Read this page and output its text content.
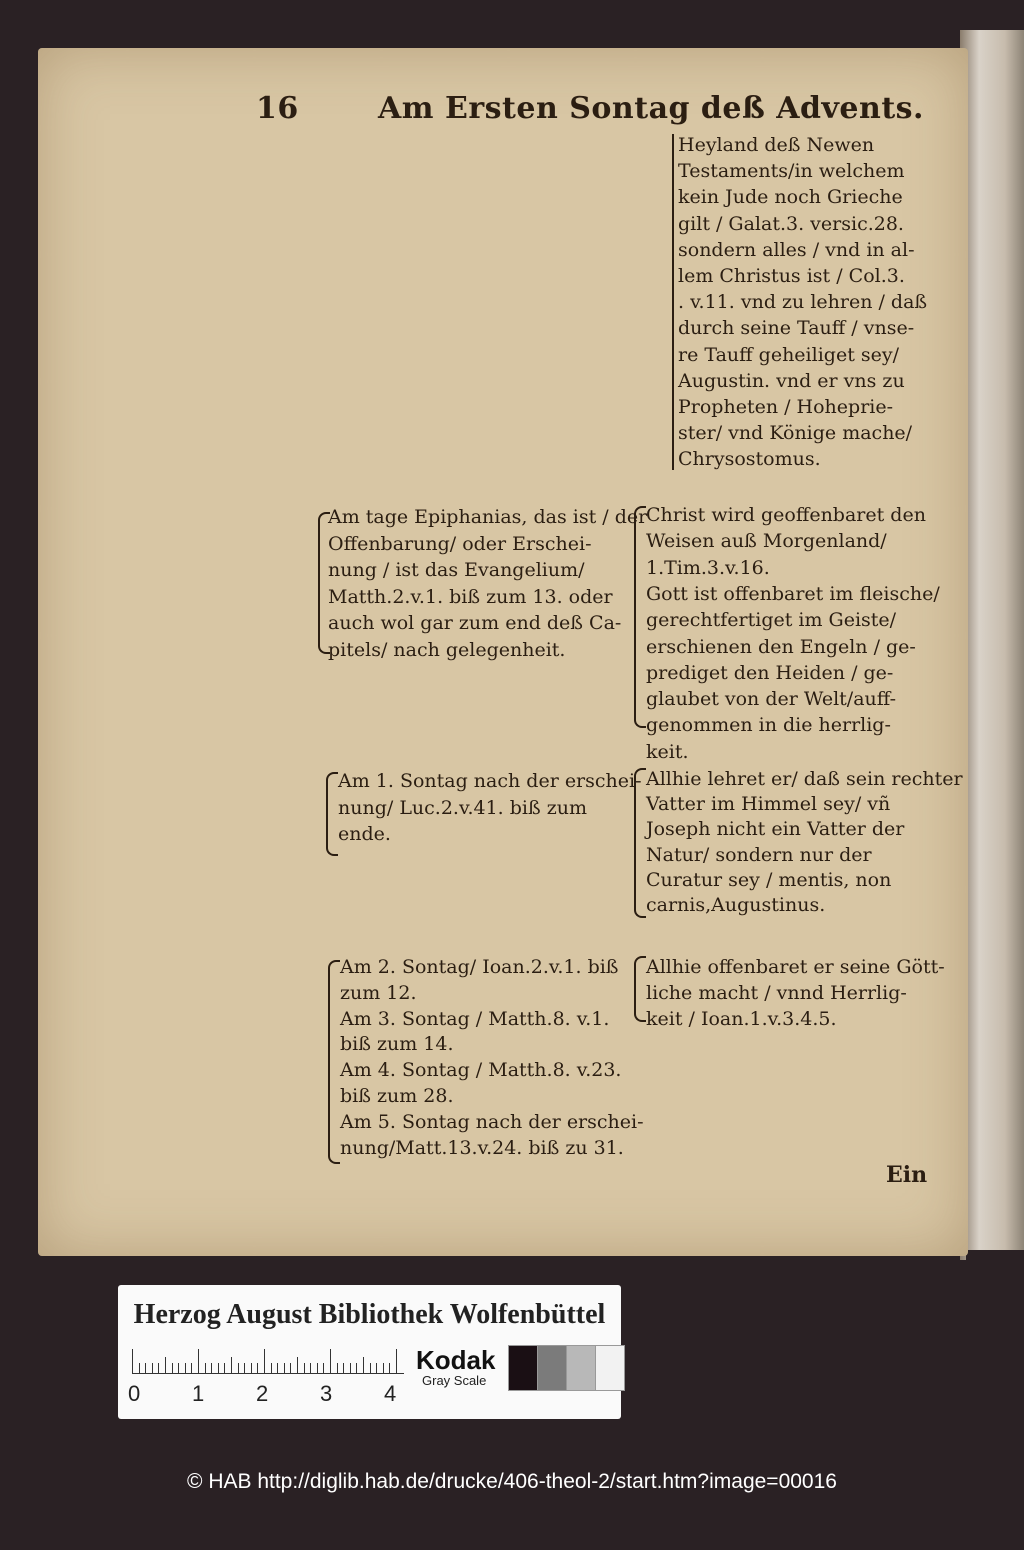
16	Am Ersten Sontag deß Advents.
Heyland deß Newen
Testaments/in welchem
kein Jude noch Grieche
gilt / Galat.3. versic.28.
sondern alles / vnd in al-
lem Christus ist / Col.3.
. v.11. vnd zu lehren / daß
durch seine Tauff / vnse-
re Tauff geheiliget sey/
Augustin. vnd er vns zu
Propheten / Hoheprie-
ster/ vnd Könige mache/
Chrysostomus.
Am tage Epiphanias, das ist / der
Offenbarung/ oder Erschei-
nung / ist das Evangelium/
Matth.2.v.1. biß zum 13. oder
auch wol gar zum end deß Ca-
pitels/ nach gelegenheit.
Christ wird geoffenbaret den
Weisen auß Morgenland/
1.Tim.3.v.16.
Gott ist offenbaret im fleische/
gerechtfertiget im Geiste/
erschienen den Engeln / ge-
prediget den Heiden / ge-
glaubet von der Welt/auff-
genommen in die herrlig-
keit.
Am 1. Sontag nach der erschei-
nung/ Luc.2.v.41. biß zum
ende.
Allhie lehret er/ daß sein rechter
Vatter im Himmel sey/ vñ
Joseph nicht ein Vatter der
Natur/ sondern nur der
Curatur sey / mentis, non
carnis,Augustinus.
Am 2. Sontag/ Ioan.2.v.1. biß
zum 12.
Am 3. Sontag / Matth.8. v.1.
biß zum 14.
Am 4. Sontag / Matth.8. v.23.
biß zum 28.
Am 5. Sontag nach der erschei-
nung/Matt.13.v.24. biß zu 31.
Allhie offenbaret er seine Gött-
liche macht / vnnd Herrlig-
keit / Ioan.1.v.3.4.5.
Ein
Herzog August Bibliothek Wolfenbüttel
0 1 2 3 4
Kodak
Gray Scale
© HAB http://diglib.hab.de/drucke/406-theol-2/start.htm?image=00016
